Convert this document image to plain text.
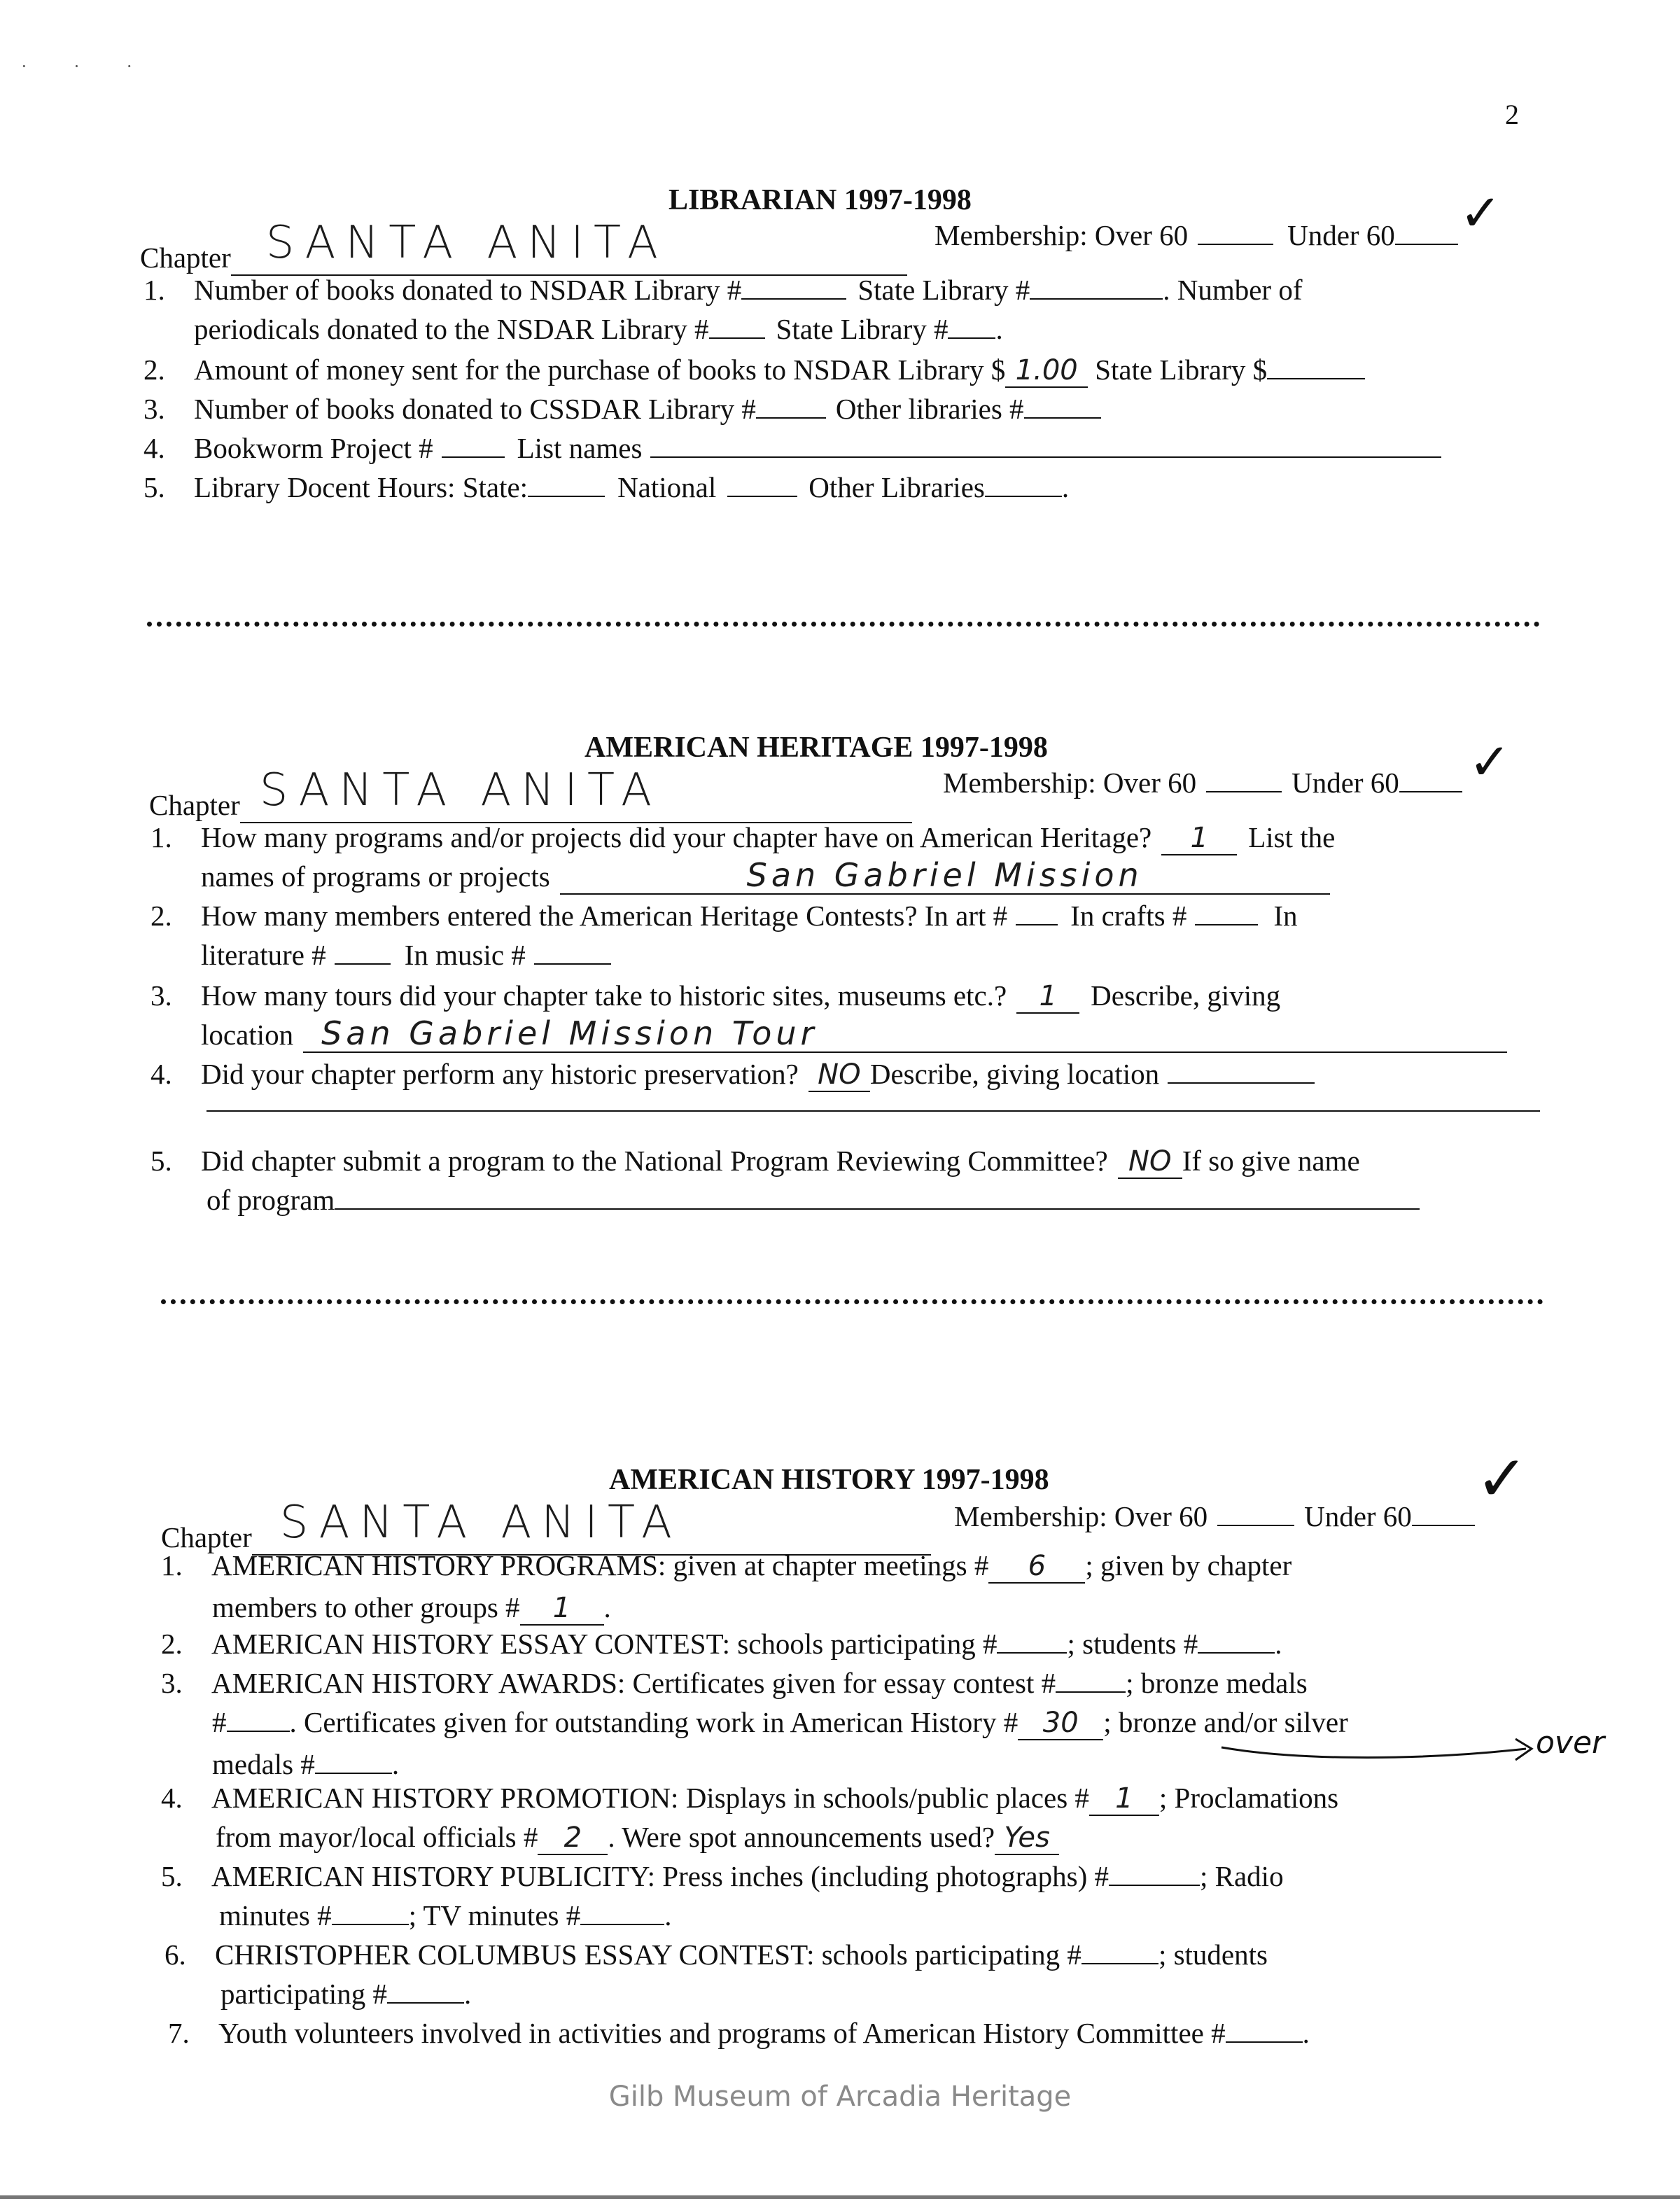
· · ·
2
LIBRARIAN 1997-1998
Chapter SANTA ANITA	Membership: Over 60	Under 60	✓
1. Number of books donated to NSDAR Library #	State Library #	. Number of
periodicals donated to the NSDAR Library # State Library # .
2. Amount of money sent for the purchase of books to NSDAR Library $ 1.00 State Library $
3. Number of books donated to CSSDAR Library #	Other libraries #
4. Bookworm Project #	List names
5. Library Docent Hours: State:	National	Other Libraries	.
AMERICAN HERITAGE 1997-1998
Chapter SANTA ANITA	Membership: Over 60	Under 60	✓
1. How many programs and/or projects did your chapter have on American Heritage? 1 List the
names of programs or projects	San Gabriel Mission
2. How many members entered the American Heritage Contests? In art # In crafts #	In
literature #	In music #
3. How many tours did your chapter take to historic sites, museums etc.? 1 Describe, giving
location San Gabriel Mission Tour
4. Did your chapter perform any historic preservation? NO Describe, giving location
5. Did chapter submit a program to the National Program Reviewing Committee? NO If so give name
of program
AMERICAN HISTORY 1997-1998
Chapter SANTA ANITA	Membership: Over 60	Under 60
✓
1. AMERICAN HISTORY PROGRAMS: given at chapter meetings # 6 ; given by chapter
members to other groups # 1 .
2. AMERICAN HISTORY ESSAY CONTEST: schools participating # ; students #	.
3. AMERICAN HISTORY AWARDS: Certificates given for essay contest # ; bronze medals
# . Certificates given for outstanding work in American History # 30 ; bronze and/or silver
over
medals #	.
4. AMERICAN HISTORY PROMOTION: Displays in schools/public places # 1 ; Proclamations
from mayor/local officials # 2 . Were spot announcements used? Yes
5. AMERICAN HISTORY PUBLICITY: Press inches (including photographs) #	; Radio
minutes #	; TV minutes #	.
6. CHRISTOPHER COLUMBUS ESSAY CONTEST: schools participating #	; students
participating #	.
7. Youth volunteers involved in activities and programs of American History Committee #	.
Gilb Museum of Arcadia Heritage
